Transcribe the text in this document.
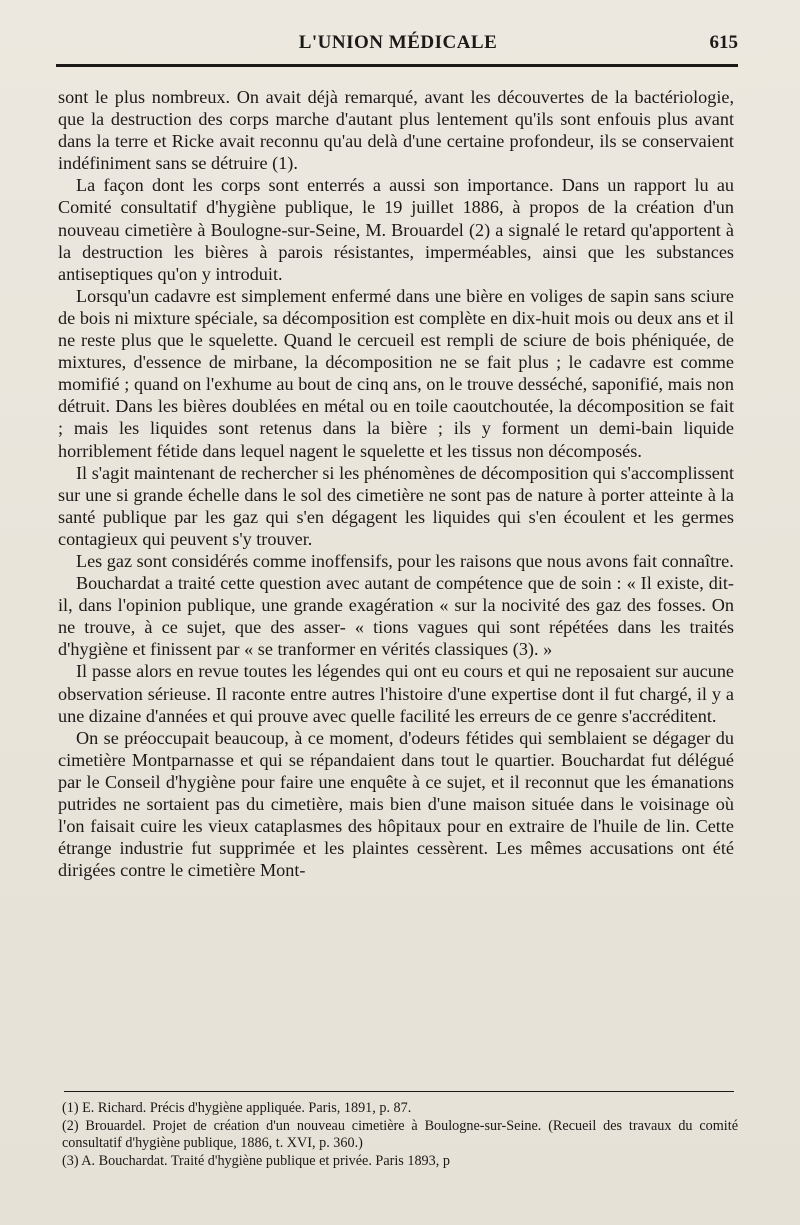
L'UNION MÉDICALE	615

sont le plus nombreux. On avait déjà remarqué, avant les découvertes de la bactériologie, que la destruction des corps marche d'autant plus lentement qu'ils sont enfouis plus avant dans la terre et Ricke avait reconnu qu'au delà d'une certaine profondeur, ils se conservaient indéfiniment sans se détruire (1).

La façon dont les corps sont enterrés a aussi son importance. Dans un rapport lu au Comité consultatif d'hygiène publique, le 19 juillet 1886, à propos de la création d'un nouveau cimetière à Boulogne-sur-Seine, M. Brouardel (2) a signalé le retard qu'apportent à la destruction les bières à parois résistantes, imperméables, ainsi que les substances antiseptiques qu'on y introduit.

Lorsqu'un cadavre est simplement enfermé dans une bière en voliges de sapin sans sciure de bois ni mixture spéciale, sa décomposition est complète en dix-huit mois ou deux ans et il ne reste plus que le squelette. Quand le cercueil est rempli de sciure de bois phéniquée, de mixtures, d'essence de mirbane, la décomposition ne se fait plus ; le cadavre est comme momifié ; quand on l'exhume au bout de cinq ans, on le trouve desséché, saponifié, mais non détruit. Dans les bières doublées en métal ou en toile caoutchoutée, la décomposition se fait ; mais les liquides sont retenus dans la bière ; ils y forment un demi-bain liquide horriblement fétide dans lequel nagent le squelette et les tissus non décomposés.

Il s'agit maintenant de rechercher si les phénomènes de décomposition qui s'accomplissent sur une si grande échelle dans le sol des cimetière ne sont pas de nature à porter atteinte à la santé publique par les gaz qui s'en dégagent les liquides qui s'en écoulent et les germes contagieux qui peuvent s'y trouver.

Les gaz sont considérés comme inoffensifs, pour les raisons que nous avons fait connaître.

Bouchardat a traité cette question avec autant de compétence que de soin : « Il existe, dit-il, dans l'opinion publique, une grande exagération « sur la nocivité des gaz des fosses. On ne trouve, à ce sujet, que des asser- « tions vagues qui sont répétées dans les traités d'hygiène et finissent par « se tranformer en vérités classiques (3). »

Il passe alors en revue toutes les légendes qui ont eu cours et qui ne reposaient sur aucune observation sérieuse. Il raconte entre autres l'histoire d'une expertise dont il fut chargé, il y a une dizaine d'années et qui prouve avec quelle facilité les erreurs de ce genre s'accréditent.

On se préoccupait beaucoup, à ce moment, d'odeurs fétides qui semblaient se dégager du cimetière Montparnasse et qui se répandaient dans tout le quartier. Bouchardat fut délégué par le Conseil d'hygiène pour faire une enquête à ce sujet, et il reconnut que les émanations putrides ne sortaient pas du cimetière, mais bien d'une maison située dans le voisinage où l'on faisait cuire les vieux cataplasmes des hôpitaux pour en extraire de l'huile de lin. Cette étrange industrie fut supprimée et les plaintes cessèrent. Les mêmes accusations ont été dirigées contre le cimetière Mont-

(1) E. Richard. Précis d'hygiène appliquée. Paris, 1891, p. 87.

(2) Brouardel. Projet de création d'un nouveau cimetière à Boulogne-sur-Seine. (Recueil des travaux du comité consultatif d'hygiène publique, 1886, t. XVI, p. 360.)

(3) A. Bouchardat. Traité d'hygiène publique et privée. Paris 1893, p
